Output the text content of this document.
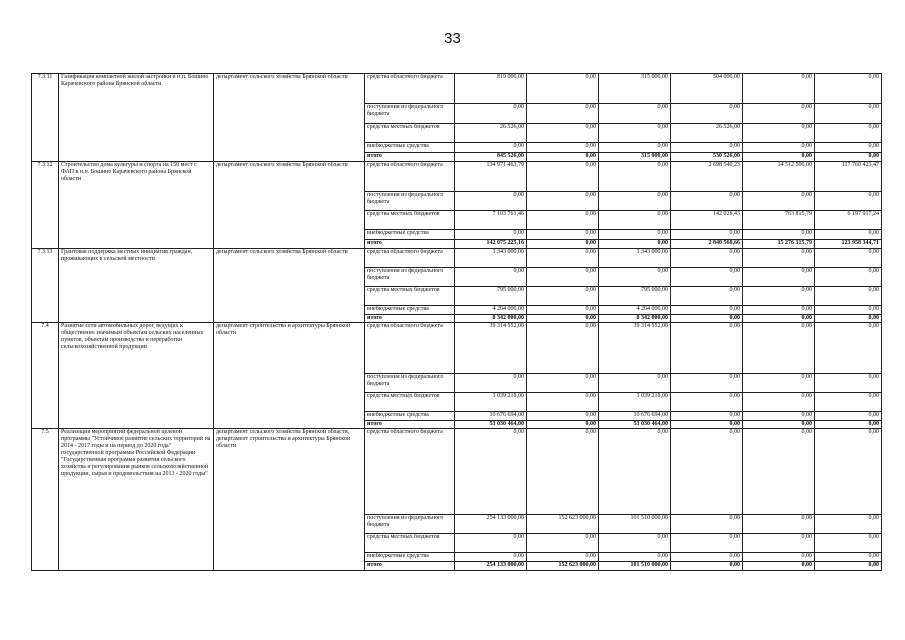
33
7.3.11	Газификация компактной жилой застройки в н.п. Бошино Карачевского района Брянской области	департамент сельского хозяйства Брянской области	средства областного бюджета	819 000,00	0,00	315 000,00	504 000,00	0,00	0,00
			поступления из федерального бюджета	0,00	0,00	0,00	0,00	0,00	0,00
			средства местных бюджетов	26 526,00	0,00	0,00	26 526,00	0,00	0,00
			внебюджетные средства	0,00	0,00	0,00	0,00	0,00	0,00
			итого	845 526,00	0,00	315 000,00	530 526,00	0,00	0,00
7.3.12	Строительство дома культуры и спорта на 150 мест с ФАП в н.п. Бошино Карачевского района Брянской области	департамент сельского хозяйства Брянской области	средства областного бюджета	134 971 463,70	0,00	0,00	2 698 540,23	14 512 500,00	117 760 423,47
			поступления из федерального бюджета	0,00	0,00	0,00	0,00	0,00	0,00
			средства местных бюджетов	7 103 761,46	0,00	0,00	142 028,43	763 815,79	6 197 917,24
			внебюджетные средства	0,00	0,00	0,00	0,00	0,00	0,00
			итого	142 075 225,16	0,00	0,00	2 840 568,66	15 276 315,79	123 958 344,71
7.3.13	Грантовая поддержка местных инициатив граждан, проживающих в сельской местности	департамент сельского хозяйства Брянской области	средства областного бюджета	3 343 000,00	0,00	3 343 000,00	0,00	0,00	0,00
			поступления из федерального бюджета	0,00	0,00	0,00	0,00	0,00	0,00
			средства местных бюджетов	795 000,00	0,00	795 000,00	0,00	0,00	0,00
			внебюджетные средства	4 204 000,00	0,00	4 204 000,00	0,00	0,00	0,00
			итого	8 342 000,00	0,00	8 342 000,00	0,00	0,00	0,00
7.4	Развитие сети автомобильных дорог, ведущих к общественно значимым объектам сельских населенных пунктов, объектам производства и переработки сельскохозяйственной продукции	департамент строительства и архитектуры Брянской области	средства областного бюджета	39 314 552,00	0,00	39 314 552,00	0,00	0,00	0,00
			поступления из федерального бюджета	0,00	0,00	0,00	0,00	0,00	0,00
			средства местных бюджетов	3 039 218,00	0,00	3 039 218,00	0,00	0,00	0,00
			внебюджетные средства	10 676 694,00	0,00	10 676 694,00	0,00	0,00	0,00
			итого	53 030 464,00	0,00	53 030 464,00	0,00	0,00	0,00
7.5	Реализация мероприятий федеральной целевой программы "Устойчивое развитие сельских территорий на 2014 - 2017 годы и на период до 2020 года" государственной программы Российской Федерации "Государственная программа развития сельского хозяйства и регулирования рынков сельскохозяйственной продукции, сырья и продовольствия на 2013 - 2020 годы"	департамент сельского хозяйства Брянской области, департамент строительства и архитектуры Брянской области	средства областного бюджета	0,00	0,00	0,00	0,00	0,00	0,00
			поступления из федерального бюджета	254 133 000,00	152 623 000,00	101 510 000,00	0,00	0,00	0,00
			средства местных бюджетов	0,00	0,00	0,00	0,00	0,00	0,00
			внебюджетные средства	0,00	0,00	0,00	0,00	0,00	0,00
			итого	254 133 000,00	152 623 000,00	101 510 000,00	0,00	0,00	0,00
